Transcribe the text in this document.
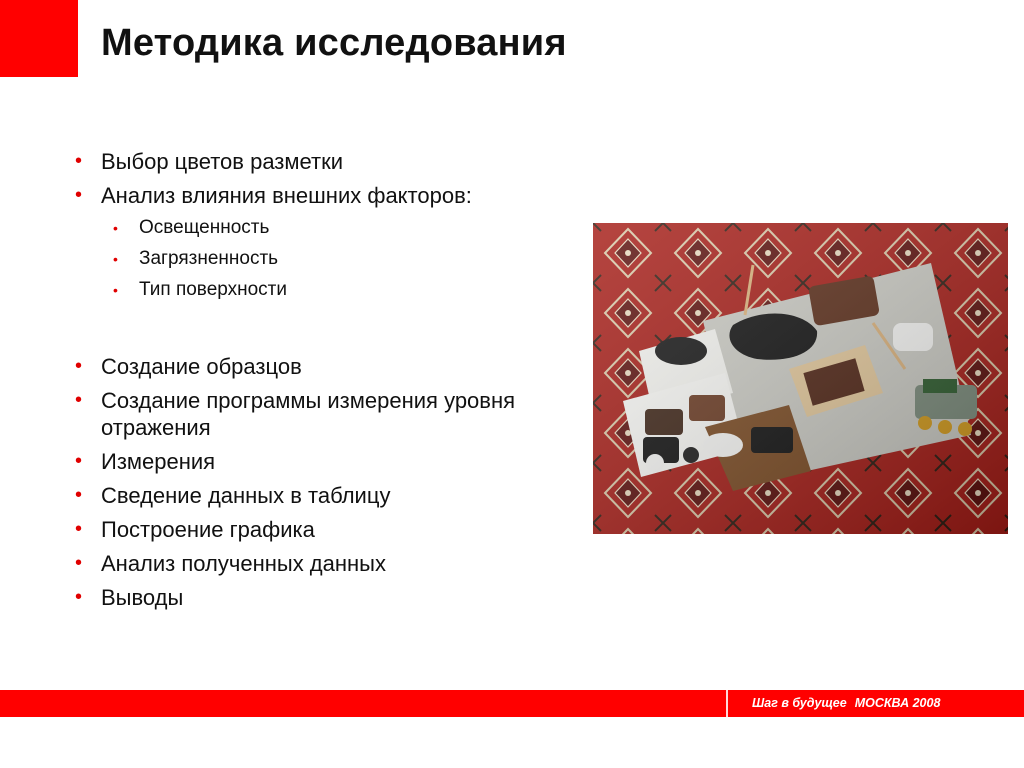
Методика исследования
• Выбор цветов разметки
• Анализ влияния внешних факторов:
• Освещенность
• Загрязненность
• Тип поверхности
• Создание образцов
• Создание программы измерения уровня отражения
• Измерения
• Сведение данных в таблицу
• Построение графика
• Анализ полученных данных
• Выводы
Шаг в будущее МОСКВА 2008
